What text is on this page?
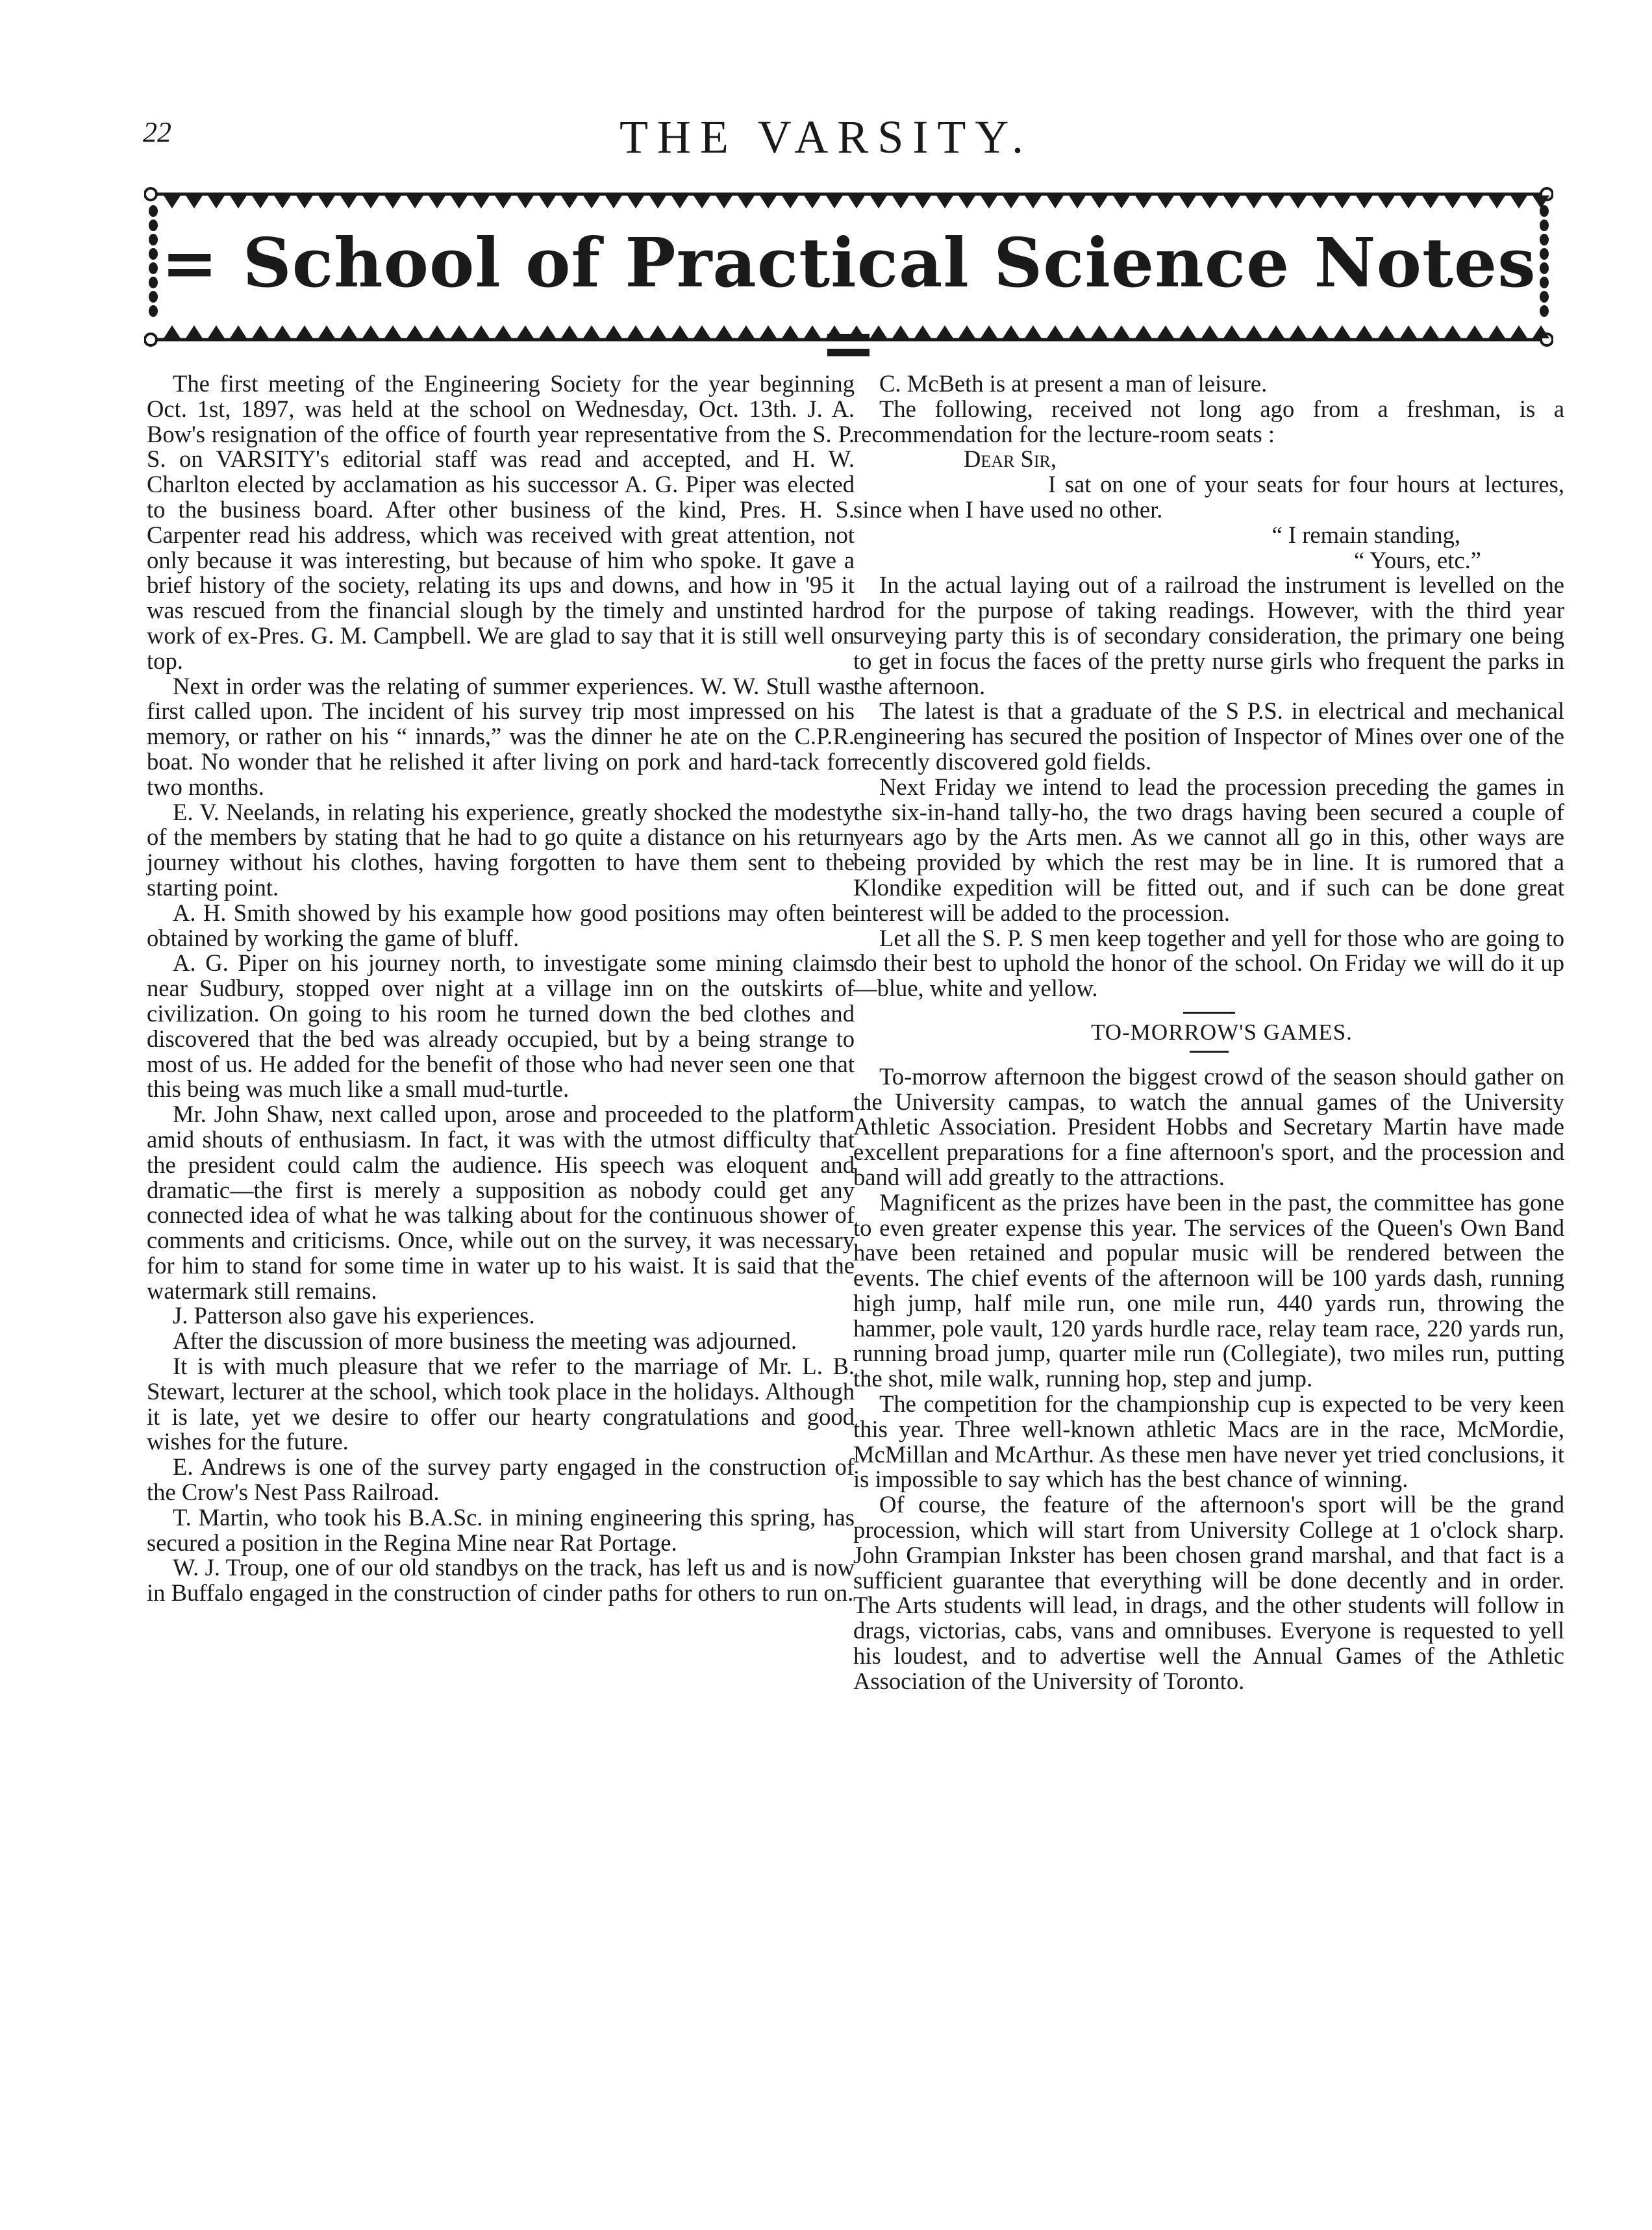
22	THE VARSITY.
= School of Practical Science Notes =

The first meeting of the Engineering Society for the year beginning Oct. 1st, 1897, was held at the school on Wednesday, Oct. 13th. J. A. Bow's resignation of the office of fourth year representative from the S. P. S. on VARSITY's editorial staff was read and accepted, and H. W. Charlton elected by acclamation as his successor A. G. Piper was elected to the business board. After other business of the kind, Pres. H. S. Carpenter read his address, which was received with great attention, not only because it was interesting, but because of him who spoke. It gave a brief history of the society, relating its ups and downs, and how in '95 it was rescued from the financial slough by the timely and unstinted hard work of ex-Pres. G. M. Campbell. We are glad to say that it is still well on top.

Next in order was the relating of summer experiences. W. W. Stull was first called upon. The incident of his survey trip most impressed on his memory, or rather on his “ innards,” was the dinner he ate on the C.P.R. boat. No wonder that he relished it after living on pork and hard-tack for two months.

E. V. Neelands, in relating his experience, greatly shocked the modesty of the members by stating that he had to go quite a distance on his return journey without his clothes, having forgotten to have them sent to the starting point.

A. H. Smith showed by his example how good positions may often be obtained by working the game of bluff.

A. G. Piper on his journey north, to investigate some mining claims near Sudbury, stopped over night at a village inn on the outskirts of civilization. On going to his room he turned down the bed clothes and discovered that the bed was already occupied, but by a being strange to most of us. He added for the benefit of those who had never seen one that this being was much like a small mud-turtle.

Mr. John Shaw, next called upon, arose and proceeded to the platform amid shouts of enthusiasm. In fact, it was with the utmost difficulty that the president could calm the audience. His speech was eloquent and dramatic—the first is merely a supposition as nobody could get any connected idea of what he was talking about for the continuous shower of comments and criticisms. Once, while out on the survey, it was necessary for him to stand for some time in water up to his waist. It is said that the watermark still remains.

J. Patterson also gave his experiences.

After the discussion of more business the meeting was adjourned.

It is with much pleasure that we refer to the marriage of Mr. L. B. Stewart, lecturer at the school, which took place in the holidays. Although it is late, yet we desire to offer our hearty congratulations and good wishes for the future.

E. Andrews is one of the survey party engaged in the construction of the Crow's Nest Pass Railroad.

T. Martin, who took his B.A.Sc. in mining engineering this spring, has secured a position in the Regina Mine near Rat Portage.

W. J. Troup, one of our old standbys on the track, has left us and is now in Buffalo engaged in the construction of cinder paths for others to run on.

C. McBeth is at present a man of leisure.

The following, received not long ago from a freshman, is a recommendation for the lecture-room seats :

Dear Sir,

I sat on one of your seats for four hours at lectures, since when I have used no other.

“ I remain standing,

“ Yours, etc.”

In the actual laying out of a railroad the instrument is levelled on the rod for the purpose of taking readings. However, with the third year surveying party this is of secondary consideration, the primary one being to get in focus the faces of the pretty nurse girls who frequent the parks in the afternoon.

The latest is that a graduate of the S P.S. in electrical and mechanical engineering has secured the position of Inspector of Mines over one of the recently discovered gold fields.

Next Friday we intend to lead the procession preceding the games in the six-in-hand tally-ho, the two drags having been secured a couple of years ago by the Arts men. As we cannot all go in this, other ways are being provided by which the rest may be in line. It is rumored that a Klondike expedition will be fitted out, and if such can be done great interest will be added to the procession.

Let all the S. P. S men keep together and yell for those who are going to do their best to uphold the honor of the school. On Friday we will do it up—blue, white and yellow.

TO-MORROW'S GAMES.

To-morrow afternoon the biggest crowd of the season should gather on the University campas, to watch the annual games of the University Athletic Association. President Hobbs and Secretary Martin have made excellent preparations for a fine afternoon's sport, and the procession and band will add greatly to the attractions.

Magnificent as the prizes have been in the past, the committee has gone to even greater expense this year. The services of the Queen's Own Band have been retained and popular music will be rendered between the events. The chief events of the afternoon will be 100 yards dash, running high jump, half mile run, one mile run, 440 yards run, throwing the hammer, pole vault, 120 yards hurdle race, relay team race, 220 yards run, running broad jump, quarter mile run (Collegiate), two miles run, putting the shot, mile walk, running hop, step and jump.

The competition for the championship cup is expected to be very keen this year. Three well-known athletic Macs are in the race, McMordie, McMillan and McArthur. As these men have never yet tried conclusions, it is impossible to say which has the best chance of winning.

Of course, the feature of the afternoon's sport will be the grand procession, which will start from University College at 1 o'clock sharp. John Grampian Inkster has been chosen grand marshal, and that fact is a sufficient guarantee that everything will be done decently and in order. The Arts students will lead, in drags, and the other students will follow in drags, victorias, cabs, vans and omnibuses. Everyone is requested to yell his loudest, and to advertise well the Annual Games of the Athletic Association of the University of Toronto.
